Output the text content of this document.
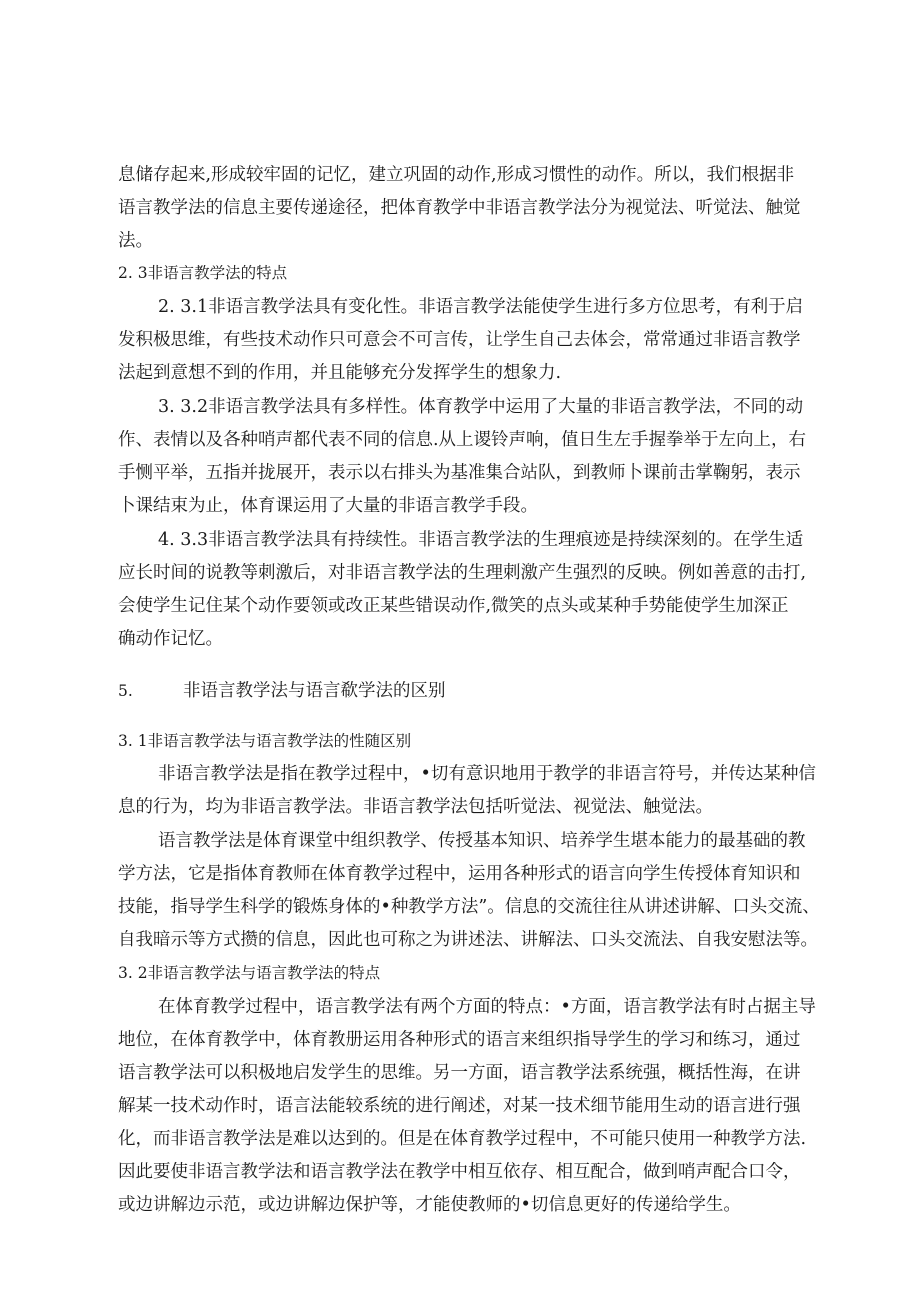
息储存起来,形成较牢固的记忆，建立巩固的动作,形成习惯性的动作。所以，我们根据非
语言教学法的信息主要传递途径，把体育教学中非语言教学法分为视觉法、听觉法、触觉
法。
2. 3非语言教学法的特点
2. 3.1非语言教学法具有变化性。非语言教学法能使学生进行多方位思考，有利于启
发积极思维，有些技术动作只可意会不可言传，让学生自己去体会，常常通过非语言教学
法起到意想不到的作用，并且能够充分发挥学生的想象力.
3. 3.2非语言教学法具有多样性。体育教学中运用了大量的非语言教学法，不同的动
作、表情以及各种哨声都代表不同的信息.从上谡铃声响，值日生左手握拳举于左向上，右
手恻平举，五指并拢展开，表示以右排头为基准集合站队，到教师卜课前击掌鞠躬，表示
卜课结束为止，体育课运用了大量的非语言教学手段。
4. 3.3非语言教学法具有持续性。非语言教学法的生理痕迹是持续深刻的。在学生适
应长时间的说教等刺激后，对非语言教学法的生理刺激产生强烈的反映。例如善意的击打,
会使学生记住某个动作要领或改正某些错误动作,微笑的点头或某种手势能使学生加深正
确动作记忆。
5.	非语言教学法与语言欷学法的区别
3. 1非语言教学法与语言教学法的性随区别
非语言教学法是指在教学过程中，•切有意识地用于教学的非语言符号，并传达某种信
息的行为，均为非语言教学法。非语言教学法包括听觉法、视觉法、触觉法。
语言教学法是体育课堂中组织教学、传授基本知识、培养学生堪本能力的最基础的教
学方法，它是指体育教师在体育教学过程中，运用各种形式的语言向学生传授体育知识和
技能，指导学生科学的锻炼身体的•种教学方法”。信息的交流往往从讲述讲解、口头交流、
自我暗示等方式攒的信息，因此也可称之为讲述法、讲解法、口头交流法、自我安慰法等。
3. 2非语言教学法与语言教学法的特点
在体育教学过程中，语言教学法有两个方面的特点：•方面，语言教学法有时占据主导
地位，在体育教学中，体育教册运用各种形式的语言来组织指导学生的学习和练习，通过
语言教学法可以积极地启发学生的思维。另一方面，语言教学法系统强，概括性海，在讲
解某一技术动作时，语言法能较系统的进行阐述，对某一技术细节能用生动的语言进行强
化，而非语言教学法是难以达到的。但是在体育教学过程中，不可能只使用一种教学方法.
因此要使非语言教学法和语言教学法在教学中相互依存、相互配合，做到哨声配合口令，
或边讲解边示范，或边讲解边保护等，才能使教师的•切信息更好的传递给学生。
